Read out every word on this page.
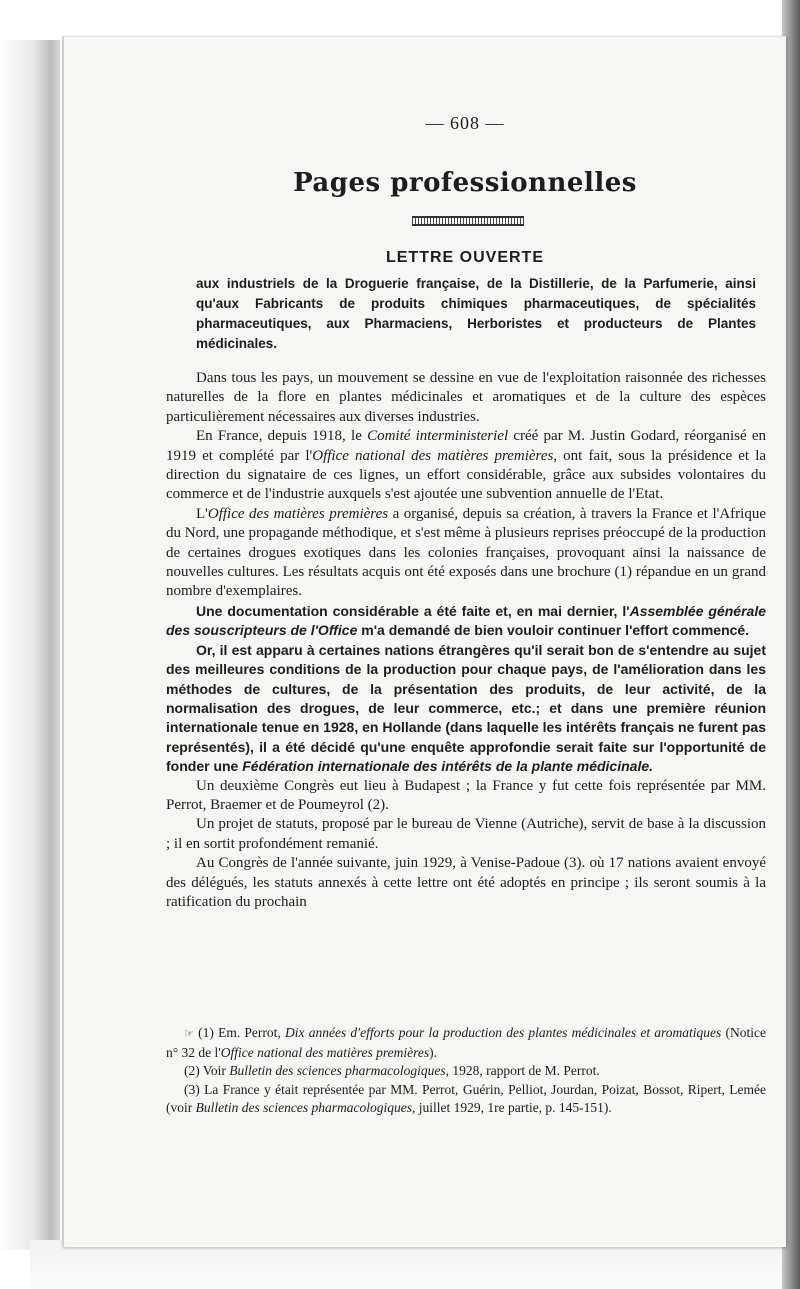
— 608 —
Pages professionnelles
LETTRE OUVERTE
aux industriels de la Droguerie française, de la Distillerie, de la Parfumerie, ainsi qu'aux Fabricants de produits chimiques pharmaceutiques, de spécialités pharmaceutiques, aux Pharmaciens, Herboristes et producteurs de Plantes médicinales.

Dans tous les pays, un mouvement se dessine en vue de l'exploitation raisonnée des richesses naturelles de la flore en plantes médicinales et aromatiques et de la culture des espèces particulièrement nécessaires aux diverses industries.

En France, depuis 1918, le Comité interministeriel créé par M. Justin Godard, réorganisé en 1919 et complété par l'Office national des matières premières, ont fait, sous la présidence et la direction du signataire de ces lignes, un effort considérable, grâce aux subsides volontaires du commerce et de l'industrie auxquels s'est ajoutée une subvention annuelle de l'Etat.

L'Office des matières premières a organisé, depuis sa création, à travers la France et l'Afrique du Nord, une propagande méthodique, et s'est même à plusieurs reprises préoccupé de la production de certaines drogues exotiques dans les colonies françaises, provoquant ainsi la naissance de nouvelles cultures. Les résultats acquis ont été exposés dans une brochure (1) répandue en un grand nombre d'exemplaires.

Une documentation considérable a été faite et, en mai dernier, l'Assemblée générale des souscripteurs de l'Office m'a demandé de bien vouloir continuer l'effort commencé.

Or, il est apparu à certaines nations étrangères qu'il serait bon de s'entendre au sujet des meilleures conditions de la production pour chaque pays, de l'amélioration dans les méthodes de cultures, de la présentation des produits, de leur activité, de la normalisation des drogues, de leur commerce, etc.; et dans une première réunion internationale tenue en 1928, en Hollande (dans laquelle les intérêts français ne furent pas représentés), il a été décidé qu'une enquête approfondie serait faite sur l'opportunité de fonder une Fédération internationale des intérêts de la plante médicinale.

Un deuxième Congrès eut lieu à Budapest ; la France y fut cette fois représentée par MM. Perrot, Braemer et de Poumeyrol (2).

Un projet de statuts, proposé par le bureau de Vienne (Autriche), servit de base à la discussion ; il en sortit profondément remanié.

Au Congrès de l'année suivante, juin 1929, à Venise-Padoue (3). où 17 nations avaient envoyé des délégués, les statuts annexés à cette lettre ont été adoptés en principe ; ils seront soumis à la ratification du prochain

☞ (1) Em. Perrot, Dix années d'efforts pour la production des plantes médicinales et aromatiques (Notice n° 32 de l'Office national des matières premières).

(2) Voir Bulletin des sciences pharmacologiques, 1928, rapport de M. Perrot.

(3) La France y était représentée par MM. Perrot, Guérin, Pelliot, Jourdan, Poizat, Bossot, Ripert, Lemée (voir Bulletin des sciences pharmacologiques, juillet 1929, 1re partie, p. 145-151).
